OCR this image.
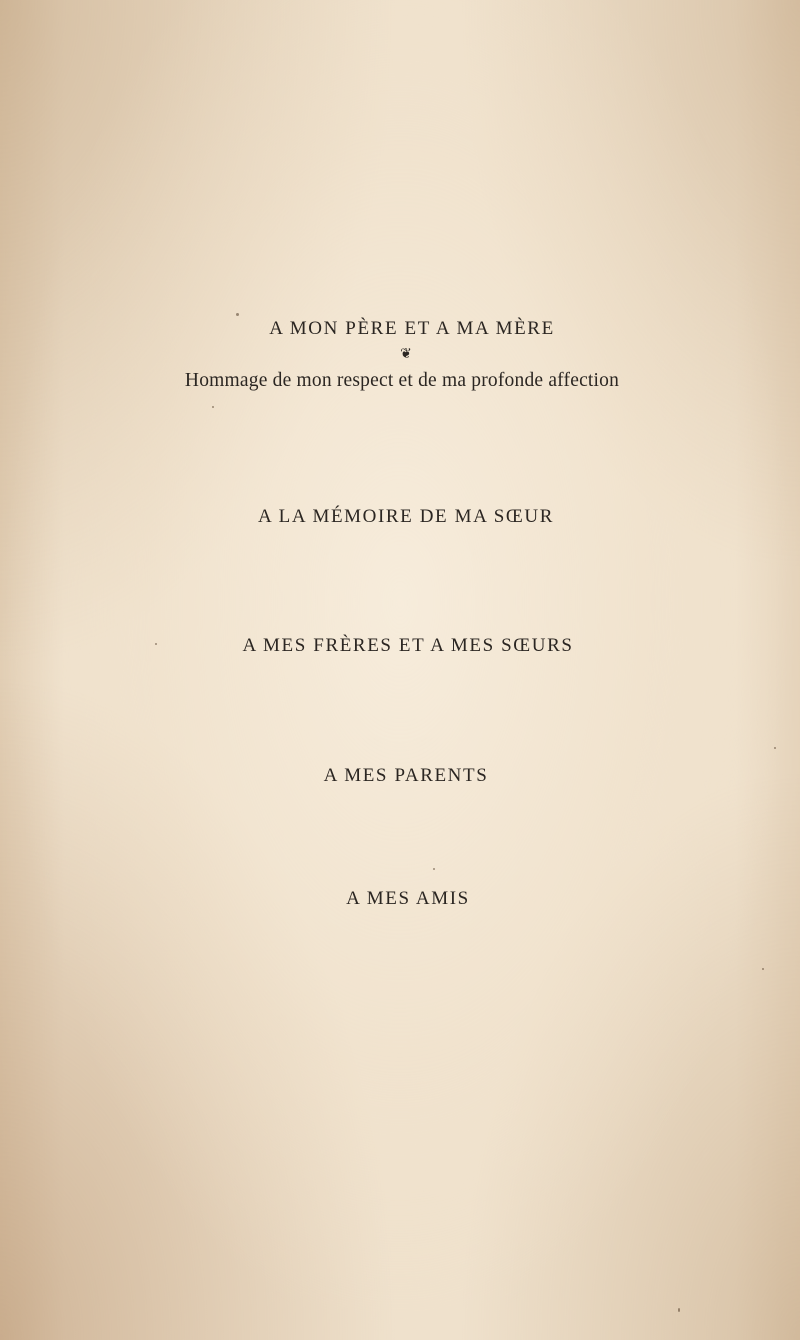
A MON PÈRE ET A MA MÈRE
❦
Hommage de mon respect et de ma profonde affection
A LA MÉMOIRE DE MA SŒUR
A MES FRÈRES ET A MES SŒURS
A MES PARENTS
A MES AMIS
